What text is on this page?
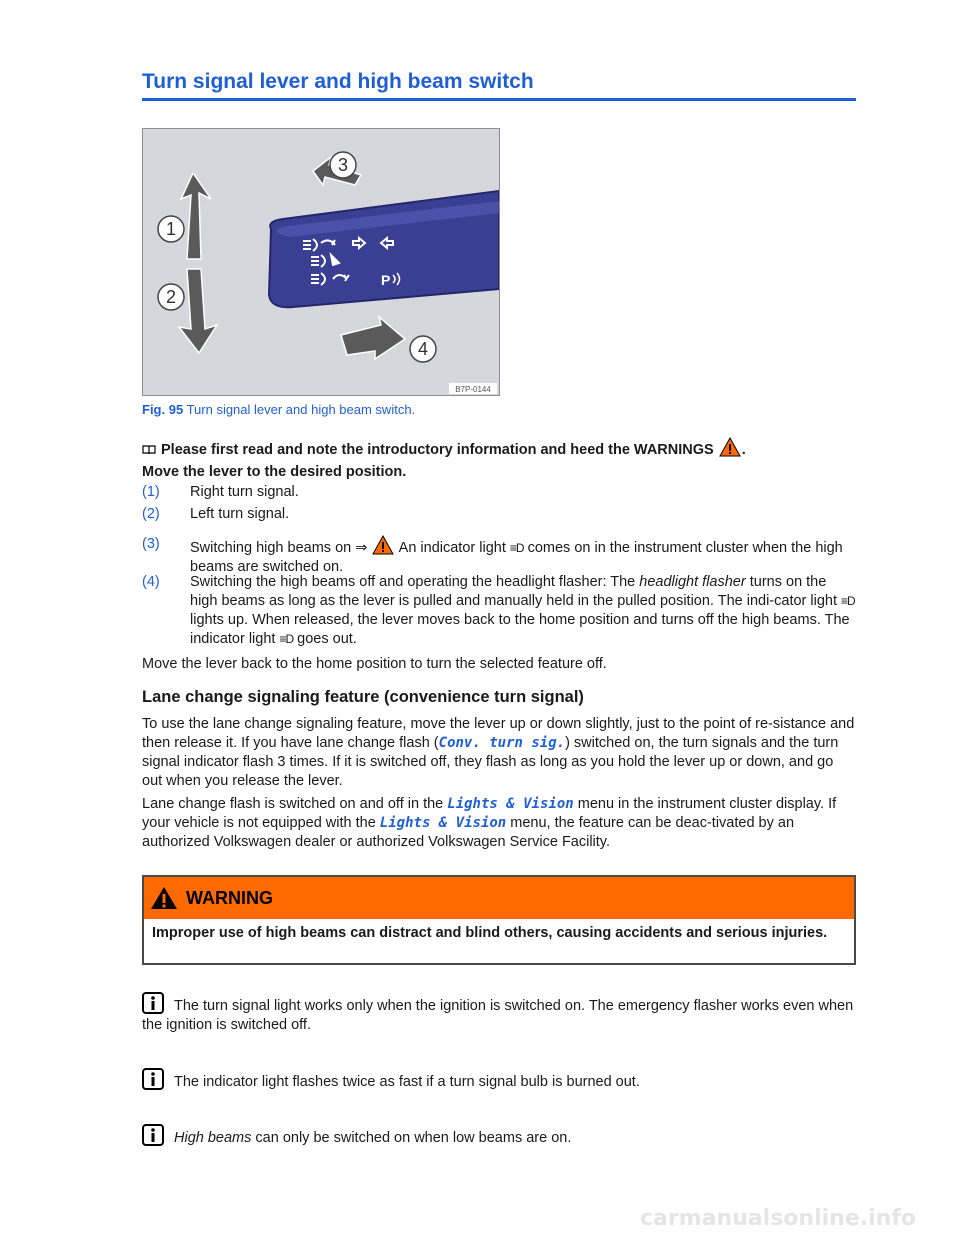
Turn signal lever and high beam switch
P
1
2
3
4
B7P-0144
Fig. 95 Turn signal lever and high beam switch.
Please first read and note the introductory information and heed the WARNINGS .
Move the lever to the desired position.
(1) Right turn signal.
(2) Left turn signal.
(3) Switching high beams on ⇒ An indicator light ≡D comes on in the instrument cluster when the high beams are switched on.
(4) Switching the high beams off and operating the headlight flasher: The headlight flasher turns on the high beams as long as the lever is pulled and manually held in the pulled position. The indi-cator light ≡D lights up. When released, the lever moves back to the home position and turns off the high beams. The indicator light ≡D goes out.
Move the lever back to the home position to turn the selected feature off.
Lane change signaling feature (convenience turn signal)
To use the lane change signaling feature, move the lever up or down slightly, just to the point of re-sistance and then release it. If you have lane change flash (Conv. turn sig.) switched on, the turn signals and the turn signal indicator flash 3 times. If it is switched off, they flash as long as you hold the lever up or down, and go out when you release the lever.
Lane change flash is switched on and off in the Lights & Vision menu in the instrument cluster display. If your vehicle is not equipped with the Lights & Vision menu, the feature can be deac-tivated by an authorized Volkswagen dealer or authorized Volkswagen Service Facility.
WARNING
Improper use of high beams can distract and blind others, causing accidents and serious injuries.
The turn signal light works only when the ignition is switched on. The emergency flasher works even when the ignition is switched off.
The indicator light flashes twice as fast if a turn signal bulb is burned out.
High beams can only be switched on when low beams are on.
carmanualsonline.info
